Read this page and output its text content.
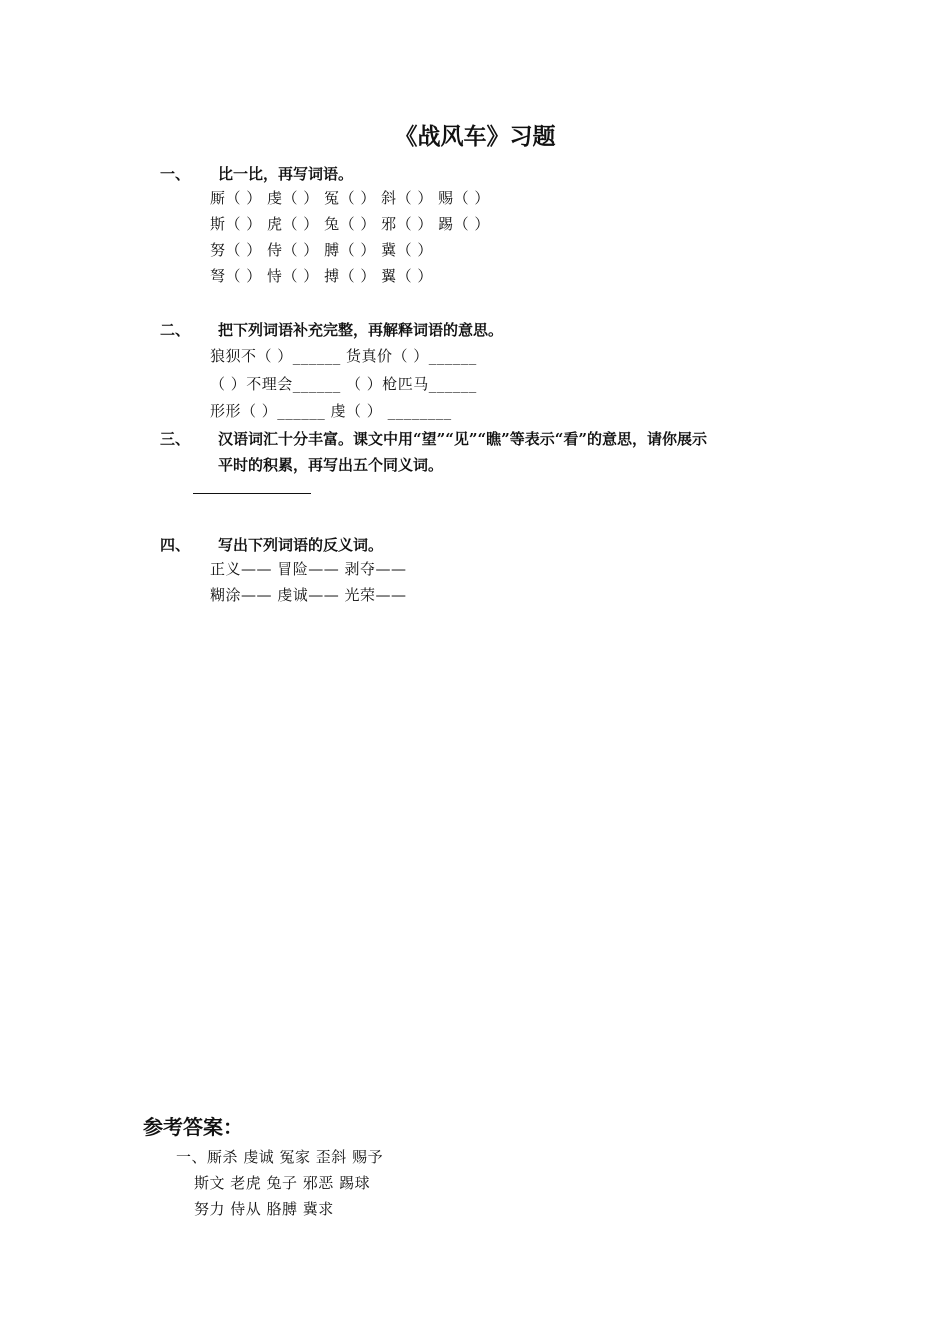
《战风车》习题
一、 比一比，再写词语。
厮（ ） 虔（ ） 冤（ ） 斜（ ） 赐（ ）
斯（ ） 虎（ ） 兔（ ） 邪（ ） 踢（ ）
努（ ） 侍（ ） 膊（ ） 冀（ ）
弩（ ） 恃（ ） 搏（ ） 翼（ ）
二、 把下列词语补充完整，再解释词语的意思。
狼狈不（ ）______ 货真价（ ）______
（ ）不理会______ （ ）枪匹马______
形形（ ）______ 虔（ ） ________
三、 汉语词汇十分丰富。课文中用“望”“见”“瞧”等表示“看”的意思，请你展示
平时的积累，再写出五个同义词。
四、 写出下列词语的反义词。
正义—— 冒险—— 剥夺——
糊涂—— 虔诚—— 光荣——
参考答案：
一、厮杀 虔诚 冤家 歪斜 赐予
斯文 老虎 兔子 邪恶 踢球
努力 侍从 胳膊 冀求
